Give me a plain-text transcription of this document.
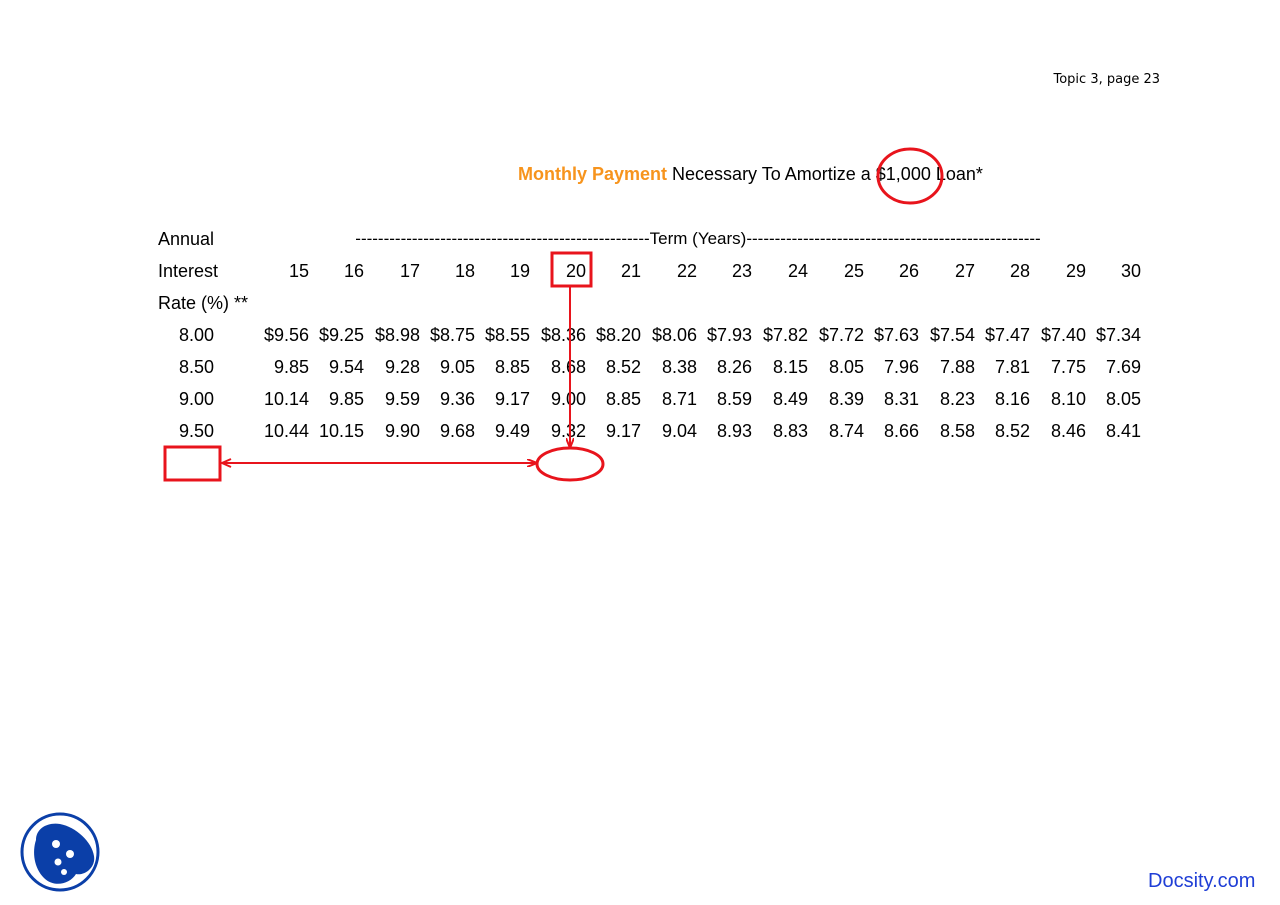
Topic 3, page 23
Monthly Payment Necessary To Amortize a $1,000 Loan*
Annual
Interest
Rate (%) **
----------------------------------------------------Term (Years)----------------------------------------------------
15	16	17	18	19	20	21	22	23	24	25	26	27	28	29	30
8.00	$9.56 $9.25 $8.98 $8.75 $8.55 $8.36 $8.20 $8.06 $7.93 $7.82 $7.72 $7.63 $7.54 $7.47 $7.40 $7.34
8.50	9.85	9.54	9.28	9.05	8.85	8.68	8.52	8.38	8.26	8.15	8.05	7.96	7.88	7.81	7.75	7.69
9.00	10.14	9.85	9.59	9.36	9.17	9.00	8.85	8.71	8.59	8.49	8.39	8.31	8.23	8.16	8.10	8.05
9.50	10.44 10.15	9.90	9.68	9.49	9.32	9.17	9.04	8.93	8.83	8.74	8.66	8.58	8.52	8.46	8.41
Docsity.com
